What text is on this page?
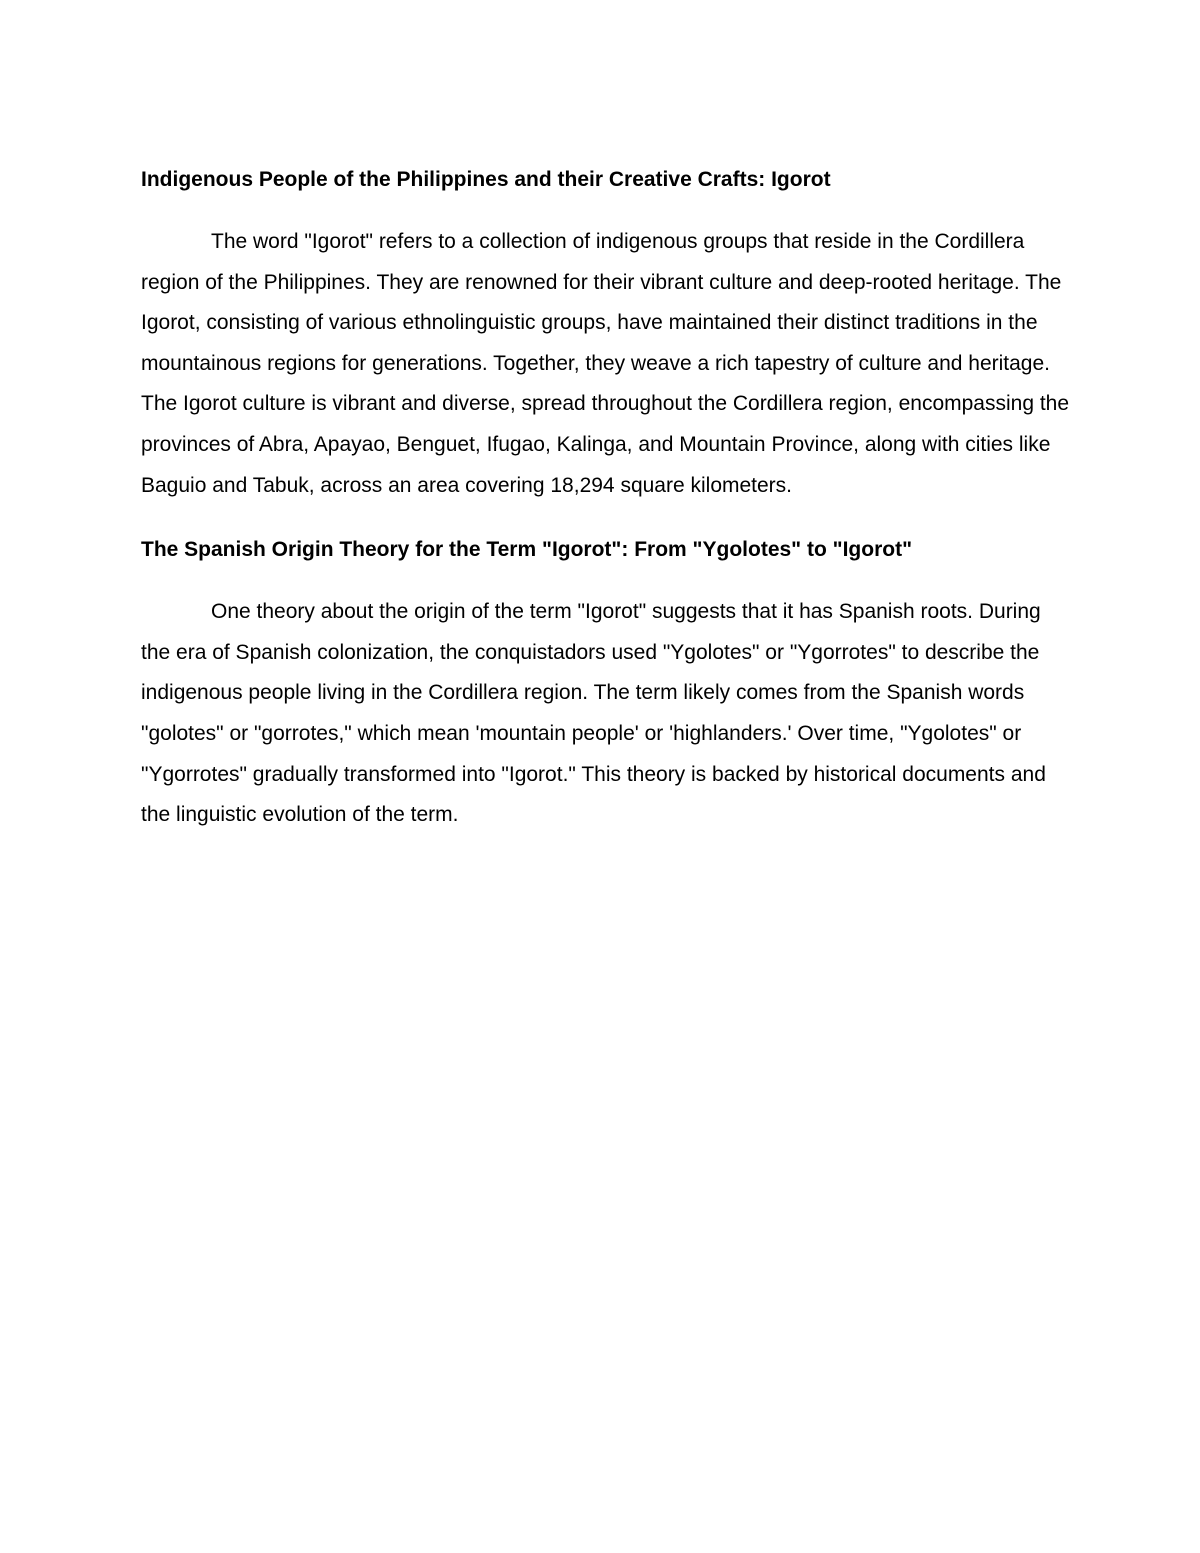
Indigenous People of the Philippines and their Creative Crafts: Igorot

The word "Igorot" refers to a collection of indigenous groups that reside in the Cordillera region of the Philippines. They are renowned for their vibrant culture and deep-rooted heritage. The Igorot, consisting of various ethnolinguistic groups, have maintained their distinct traditions in the mountainous regions for generations. Together, they weave a rich tapestry of culture and heritage. The Igorot culture is vibrant and diverse, spread throughout the Cordillera region, encompassing the provinces of Abra, Apayao, Benguet, Ifugao, Kalinga, and Mountain Province, along with cities like Baguio and Tabuk, across an area covering 18,294 square kilometers.

The Spanish Origin Theory for the Term "Igorot": From "Ygolotes" to "Igorot"

One theory about the origin of the term "Igorot" suggests that it has Spanish roots. During the era of Spanish colonization, the conquistadors used "Ygolotes" or "Ygorrotes" to describe the indigenous people living in the Cordillera region. The term likely comes from the Spanish words "golotes" or "gorrotes," which mean 'mountain people' or 'highlanders.' Over time, "Ygolotes" or "Ygorrotes" gradually transformed into "Igorot." This theory is backed by historical documents and the linguistic evolution of the term.
